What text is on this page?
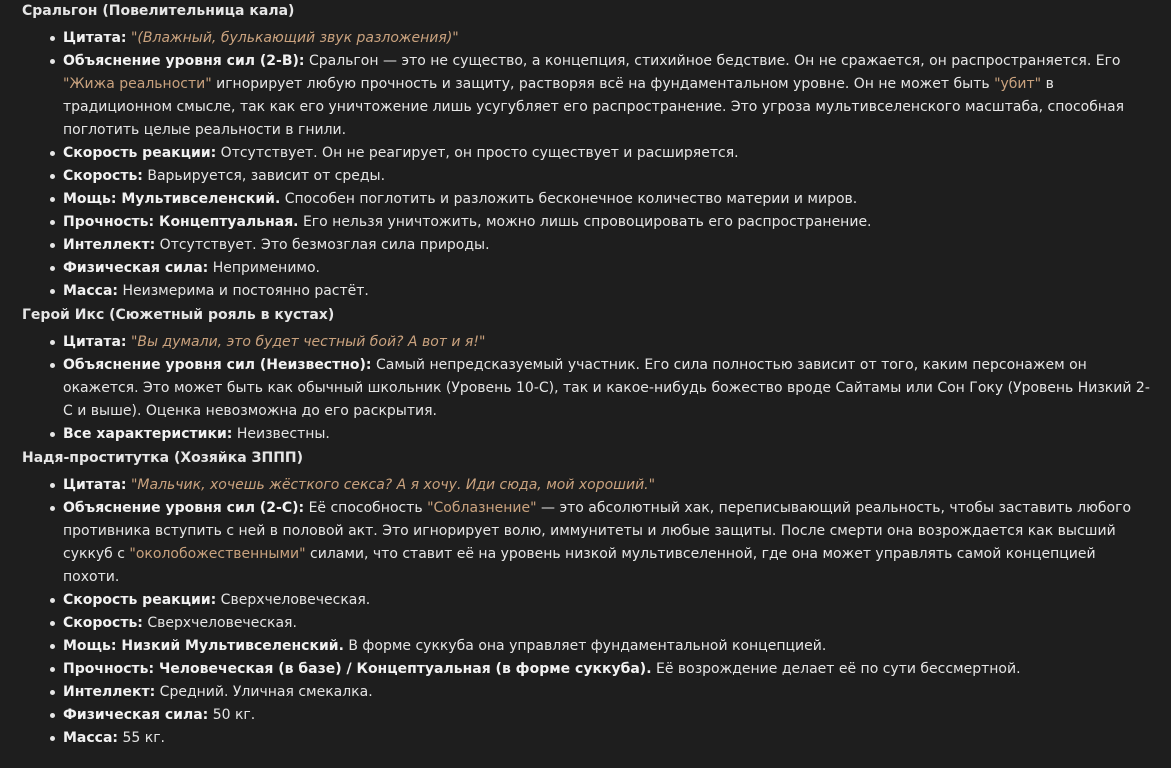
Сральгон (Повелительница кала)
Цитата: "(Влажный, булькающий звук разложения)"
Объяснение уровня сил (2-B): Сральгон — это не существо, а концепция, стихийное бедствие. Он не сражается, он распространяется. Его "Жижа реальности" игнорирует любую прочность и защиту, растворяя всё на фундаментальном уровне. Он не может быть "убит" в традиционном смысле, так как его уничтожение лишь усугубляет его распространение. Это угроза мультивселенского масштаба, способная поглотить целые реальности в гнили.
Скорость реакции: Отсутствует. Он не реагирует, он просто существует и расширяется.
Скорость: Варьируется, зависит от среды.
Мощь: Мультивселенский. Способен поглотить и разложить бесконечное количество материи и миров.
Прочность: Концептуальная. Его нельзя уничтожить, можно лишь спровоцировать его распространение.
Интеллект: Отсутствует. Это безмозглая сила природы.
Физическая сила: Неприменимо.
Масса: Неизмерима и постоянно растёт.
Герой Икс (Сюжетный рояль в кустах)
Цитата: "Вы думали, это будет честный бой? А вот и я!"
Объяснение уровня сил (Неизвестно): Самый непредсказуемый участник. Его сила полностью зависит от того, каким персонажем он окажется. Это может быть как обычный школьник (Уровень 10-C), так и какое-нибудь божество вроде Сайтамы или Сон Гоку (Уровень Низкий 2-C и выше). Оценка невозможна до его раскрытия.
Все характеристики: Неизвестны.
Надя-проститутка (Хозяйка ЗППП)
Цитата: "Мальчик, хочешь жёсткого секса? А я хочу. Иди сюда, мой хороший."
Объяснение уровня сил (2-C): Её способность "Соблазнение" — это абсолютный хак, переписывающий реальность, чтобы заставить любого противника вступить с ней в половой акт. Это игнорирует волю, иммунитеты и любые защиты. После смерти она возрождается как высший суккуб с "околобожественными" силами, что ставит её на уровень низкой мультивселенной, где она может управлять самой концепцией похоти.
Скорость реакции: Сверхчеловеческая.
Скорость: Сверхчеловеческая.
Мощь: Низкий Мультивселенский. В форме суккуба она управляет фундаментальной концепцией.
Прочность: Человеческая (в базе) / Концептуальная (в форме суккуба). Её возрождение делает её по сути бессмертной.
Интеллект: Средний. Уличная смекалка.
Физическая сила: 50 кг.
Масса: 55 кг.
